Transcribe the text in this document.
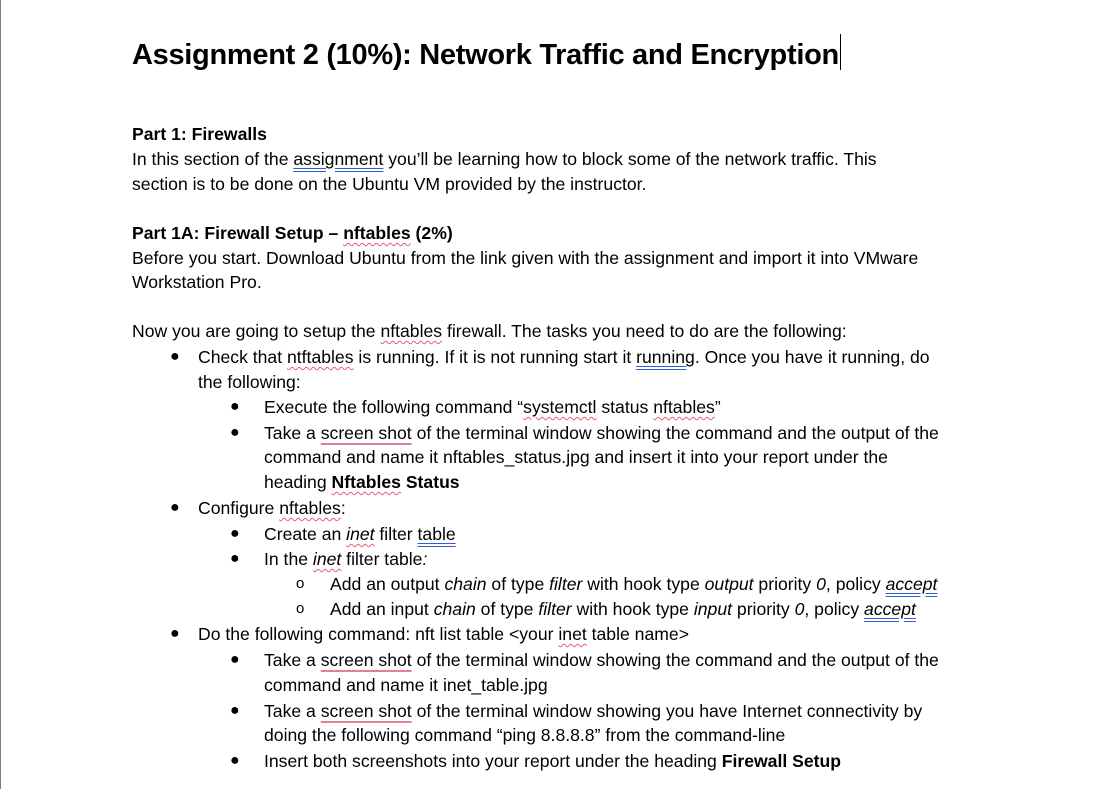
Assignment 2 (10%): Network Traffic and Encryption
Part 1: Firewalls
In this section of the assignment you’ll be learning how to block some of the network traffic. This
section is to be done on the Ubuntu VM provided by the instructor.
Part 1A: Firewall Setup – nftables (2%)
Before you start. Download Ubuntu from the link given with the assignment and import it into VMware
Workstation Pro.
Now you are going to setup the nftables firewall. The tasks you need to do are the following:
● Check that ntftables is running. If it is not running start it running. Once you have it running, do
the following:
● Execute the following command “systemctl status nftables”
● Take a screen shot of the terminal window showing the command and the output of the
command and name it nftables_status.jpg and insert it into your report under the
heading Nftables Status
● Configure nftables:
● Create an inet filter table
● In the inet filter table:
o Add an output chain of type filter with hook type output priority 0, policy accept
o Add an input chain of type filter with hook type input priority 0, policy accept
● Do the following command: nft list table <your inet table name>
● Take a screen shot of the terminal window showing the command and the output of the
command and name it inet_table.jpg
● Take a screen shot of the terminal window showing you have Internet connectivity by
doing the following command “ping 8.8.8.8” from the command-line
● Insert both screenshots into your report under the heading Firewall Setup
